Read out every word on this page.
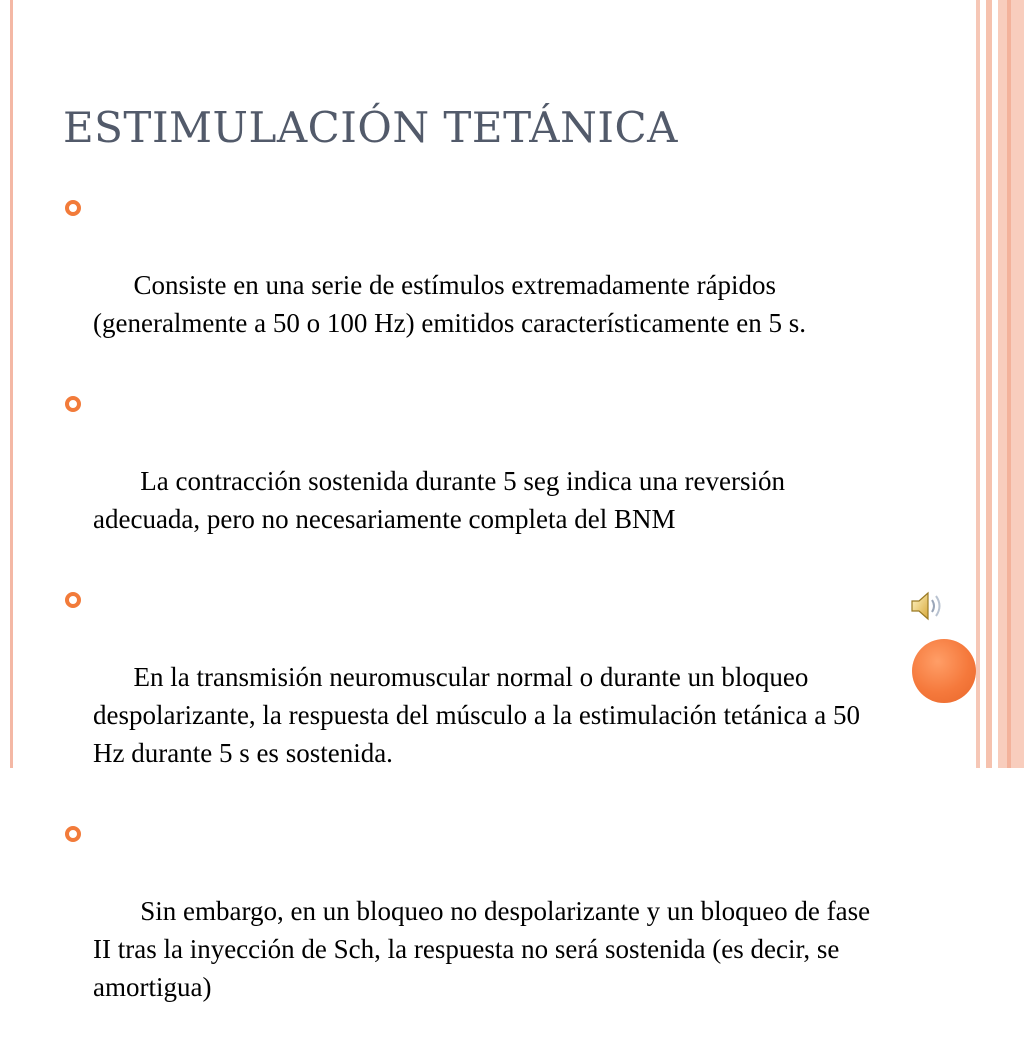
ESTIMULACIÓN TETÁNICA

Consiste en una serie de estímulos extremadamente rápidos (generalmente a 50 o 100 Hz) emitidos característicamente en 5 s.

La contracción sostenida durante 5 seg indica una reversión adecuada, pero no necesariamente completa del BNM

En la transmisión neuromuscular normal o durante un bloqueo despolarizante, la respuesta del músculo a la estimulación tetánica a 50 Hz durante 5 s es sostenida.

Sin embargo, en un bloqueo no despolarizante y un bloqueo de fase II tras la inyección de Sch, la respuesta no será sostenida (es decir, se amortigua)
